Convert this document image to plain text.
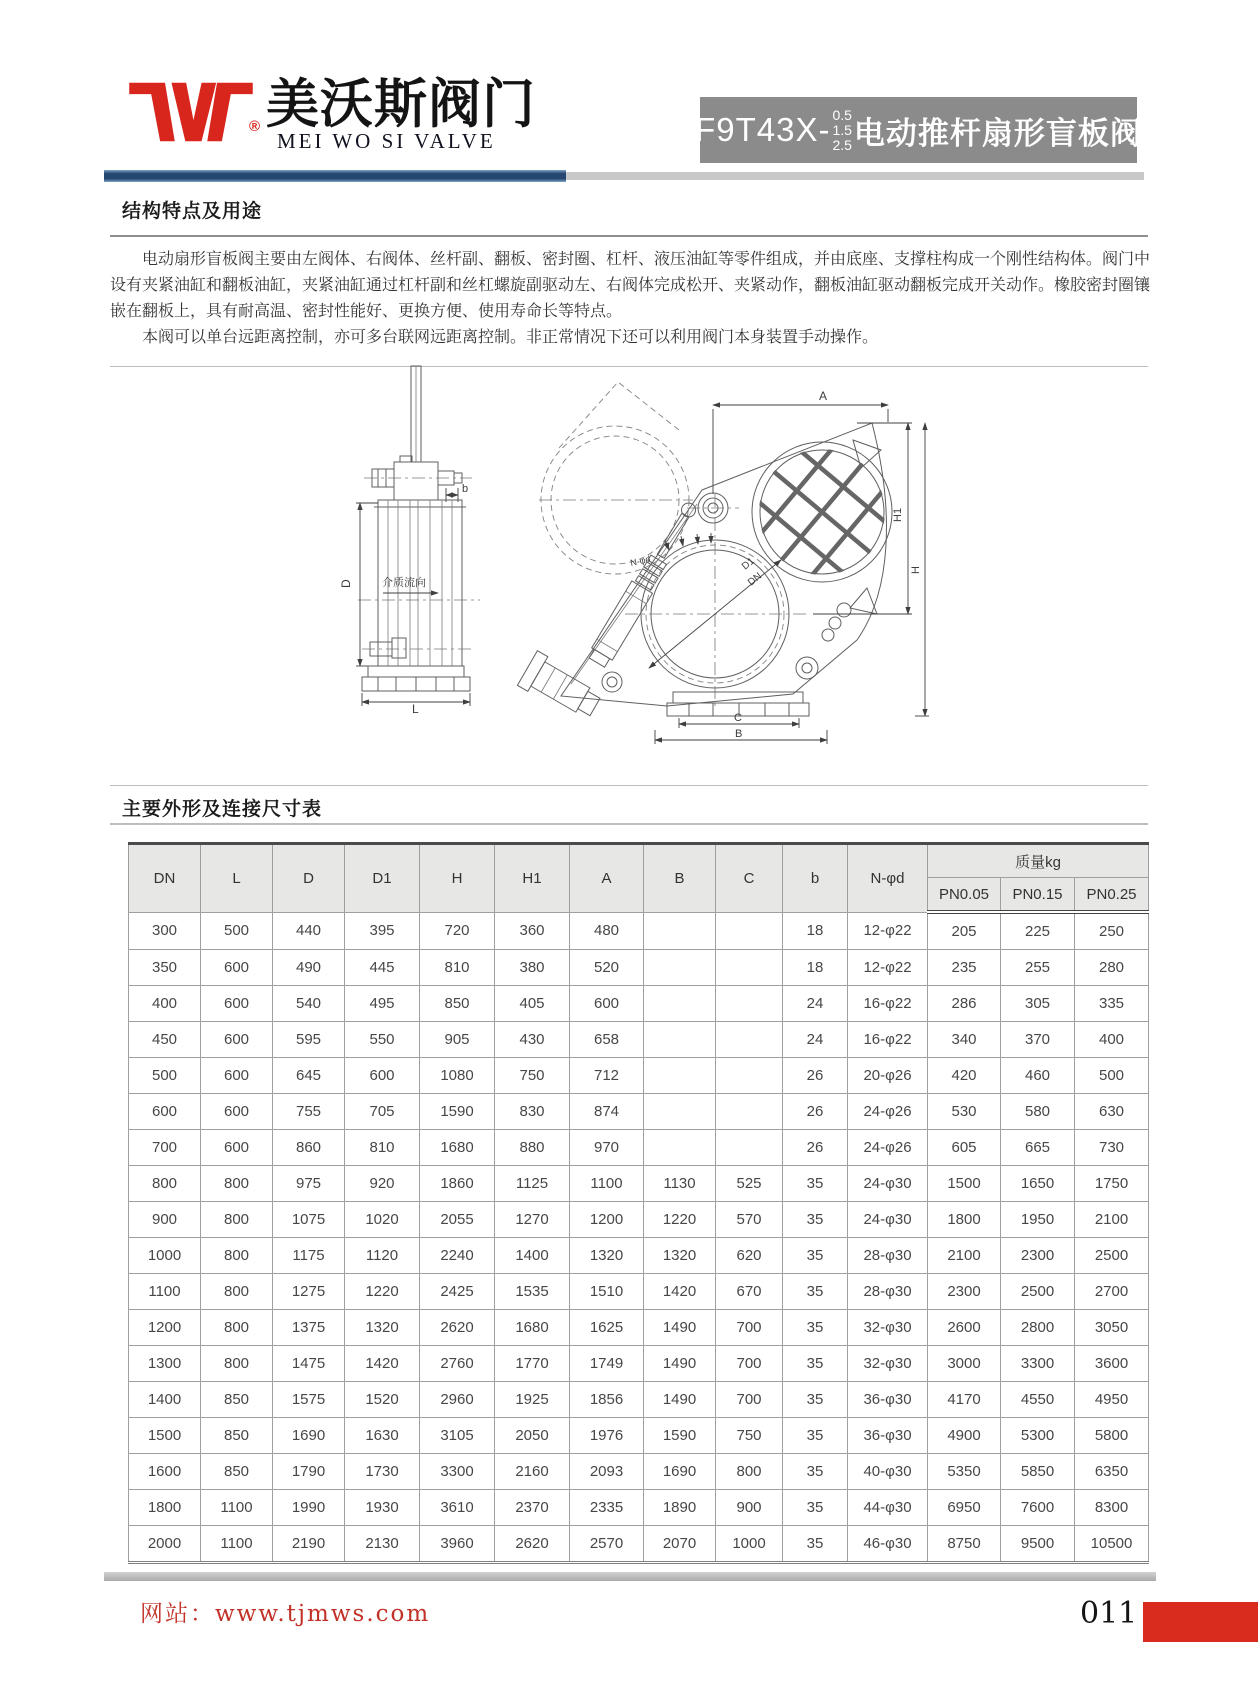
® 美沃斯阀门
MEI WO SI VALVE	F9T43X- 0.5
1.5
2.5 电动推杆扇形盲板阀
结构特点及用途

电动扇形盲板阀主要由左阀体、右阀体、丝杆副、翻板、密封圈、杠杆、液压油缸等零件组成，并由底座、支撑柱构成一个刚性结构体。阀门中设有夹紧油缸和翻板油缸，夹紧油缸通过杠杆副和丝杠螺旋副驱动左、右阀体完成松开、夹紧动作，翻板油缸驱动翻板完成开关动作。橡胶密封圈镶嵌在翻板上，具有耐高温、密封性能好、更换方便、使用寿命长等特点。

本阀可以单台远距离控制，亦可多台联网远距离控制。非正常情况下还可以利用阀门本身装置手动操作。

b
介质流向
D
L
A
D1
DN
N-φd
C
B
H1
H
主要外形及连接尺寸表
DN	L	D	D1	H	H1	A	B	C	b	N-φd	质量kg		
											PN0.05	PN0.15	PN0.25
300	500	440	395	720	360	480			18	12-φ22	205	225	250
350	600	490	445	810	380	520			18	12-φ22	235	255	280
400	600	540	495	850	405	600			24	16-φ22	286	305	335
450	600	595	550	905	430	658			24	16-φ22	340	370	400
500	600	645	600	1080	750	712			26	20-φ26	420	460	500
600	600	755	705	1590	830	874			26	24-φ26	530	580	630
700	600	860	810	1680	880	970			26	24-φ26	605	665	730
800	800	975	920	1860	1125	1100	1130	525	35	24-φ30	1500	1650	1750
900	800	1075	1020	2055	1270	1200	1220	570	35	24-φ30	1800	1950	2100
1000	800	1175	1120	2240	1400	1320	1320	620	35	28-φ30	2100	2300	2500
1100	800	1275	1220	2425	1535	1510	1420	670	35	28-φ30	2300	2500	2700
1200	800	1375	1320	2620	1680	1625	1490	700	35	32-φ30	2600	2800	3050
1300	800	1475	1420	2760	1770	1749	1490	700	35	32-φ30	3000	3300	3600
1400	850	1575	1520	2960	1925	1856	1490	700	35	36-φ30	4170	4550	4950
1500	850	1690	1630	3105	2050	1976	1590	750	35	36-φ30	4900	5300	5800
1600	850	1790	1730	3300	2160	2093	1690	800	35	40-φ30	5350	5850	6350
1800	1100	1990	1930	3610	2370	2335	1890	900	35	44-φ30	6950	7600	8300
2000	1100	2190	2130	3960	2620	2570	2070	1000	35	46-φ30	8750	9500	10500
网站：www.tjmws.com	011
